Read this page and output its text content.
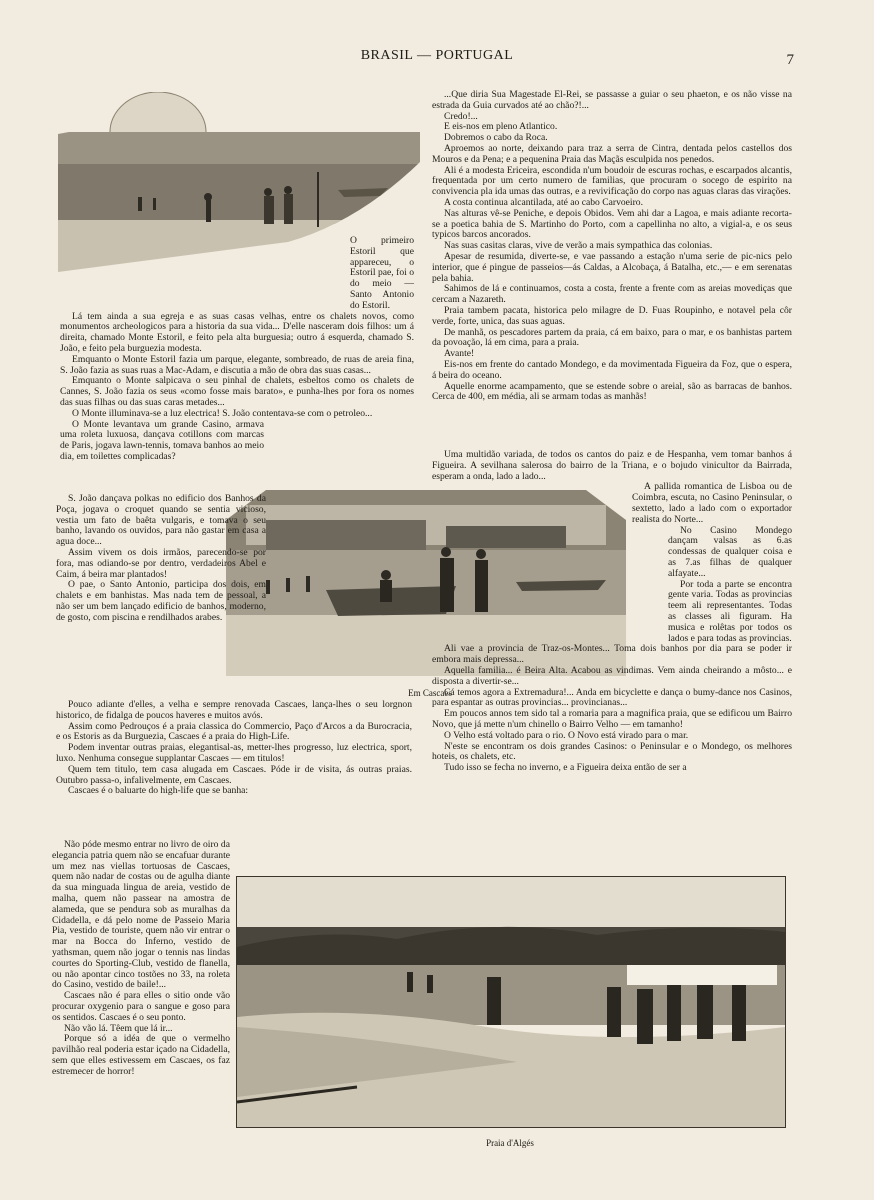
BRASIL — PORTUGAL	7

O primeiro Estoril que appareceu, o Estoril pae, foi o do meio — Santo Antonio do Estoril.

Lá tem ainda a sua egreja e as suas casas velhas, entre os chalets novos, como monumentos archeologicos para a historia da sua vida... D'elle nasceram dois filhos: um á direita, chamado Monte Estoril, e feito pela alta burguesia; outro á esquerda, chamado S. João, e feito pela burguezia modesta.

Emquanto o Monte Estoril fazia um parque, elegante, sombreado, de ruas de areia fina, S. João fazia as suas ruas a Mac-Adam, e discutia a mão de obra das suas casas...

Emquanto o Monte salpicava o seu pinhal de chalets, esbeltos como os chalets de Cannes, S. João fazia os seus «como fosse mais barato», e punha-lhes por fora os nomes das suas filhas ou das suas caras metades...

O Monte illuminava-se a luz electrica! S. João contentava-se com o petroleo...

O Monte levantava um grande Casino, armava uma roleta luxuosa, dançava cotillons com marcas de Paris, jogava lawn-tennis, tomava banhos ao meio dia, em toilettes complicadas?

Em Cascaes

S. João dançava polkas no edificio dos Banhos da Poça, jogava o croquet quando se sentia vicioso, vestia um fato de baêta vulgaris, e tomava o seu banho, lavando os ouvidos, para não gastar em casa a agua doce...

Assim vivem os dois irmãos, parecendo-se por fora, mas odiando-se por dentro, verdadeiros Abel e Caim, á beira mar plantados!

O pae, o Santo Antonio, participa dos dois, em chalets e em banhistas. Mas nada tem de pessoal, a não ser um bem lançado edificio de banhos, moderno, de gosto, com piscina e rendilhados arabes.

Pouco adiante d'elles, a velha e sempre renovada Cascaes, lança-lhes o seu lorgnon historico, de fidalga de poucos haveres e muitos avós.

Assim como Pedrouços é a praia classica do Commercio, Paço d'Arcos a da Burocracia, e os Estoris as da Burguezia, Cascaes é a praia do High-Life.

Podem inventar outras praias, elegantisal-as, metter-lhes progresso, luz electrica, sport, luxo. Nenhuma consegue supplantar Cascaes — em titulos!

Quem tem titulo, tem casa alugada em Cascaes. Póde ir de visita, ás outras praias. Outubro passa-o, infalivelmente, em Cascaes.

Cascaes é o baluarte do high-life que se banha:

Não póde mesmo entrar no livro de oiro da elegancia patria quem não se encafuar durante um mez nas viellas tortuosas de Cascaes, quem não nadar de costas ou de agulha diante da sua minguada lingua de areia, vestido de malha, quem não passear na amostra de alameda, que se pendura sob as muralhas da Cidadella, e dá pelo nome de Passeio Maria Pia, vestido de touriste, quem não vir entrar o mar na Bocca do Inferno, vestido de yathsman, quem não jogar o tennis nas lindas courtes do Sporting-Club, vestido de flanella, ou não apontar cinco tostões no 33, na roleta do Casino, vestido de baile!...

Cascaes não é para elles o sitio onde vão procurar oxygenio para o sangue e goso para os sentidos. Cascaes é o seu ponto.

Não vão lá. Têem que lá ir...

Porque só a idéa de que o vermelho pavilhão real poderia estar içado na Cidadella, sem que elles estivessem em Cascaes, os faz estremecer de horror!

...Que diria Sua Magestade El-Rei, se passasse a guiar o seu phaeton, e os não visse na estrada da Guia curvados até ao chão?!...

Credo!...

E eis-nos em pleno Atlantico.

Dobremos o cabo da Roca.

Aproemos ao norte, deixando para traz a serra de Cintra, dentada pelos castellos dos Mouros e da Pena; e a pequenina Praia das Maçãs esculpida nos penedos.

Ali é a modesta Ericeira, escondida n'um boudoir de escuras rochas, e escarpados alcantis, frequentada por um certo numero de familias, que procuram o socego de espirito na convivencia pla ida umas das outras, e a revivificação do corpo nas aguas claras das virações.

A costa continua alcantilada, até ao cabo Carvoeiro.

Nas alturas vê-se Peniche, e depois Obidos. Vem ahi dar a Lagoa, e mais adiante recorta-se a poetica bahia de S. Martinho do Porto, com a capellinha no alto, a vigial-a, e os seus typicos barcos ancorados.

Nas suas casitas claras, vive de verão a mais sympathica das colonias.

Apesar de resumida, diverte-se, e vae passando a estação n'uma serie de pic-nics pelo interior, que é pingue de passeios—ás Caldas, a Alcobaça, á Batalha, etc.,— e em serenatas pela bahia.

Sahimos de lá e continuamos, costa a costa, frente a frente com as areias movediças que cercam a Nazareth.

Praia tambem pacata, historica pelo milagre de D. Fuas Roupinho, e notavel pela côr verde, forte, unica, das suas aguas.

De manhã, os pescadores partem da praia, cá em baixo, para o mar, e os banhistas partem da povoação, lá em cima, para a praia.

Avante!

Eis-nos em frente do cantado Mondego, e da movimentada Figueira da Foz, que o espera, á beira do oceano.

Aquelle enorme acampamento, que se estende sobre o areial, são as barracas de banhos. Cerca de 400, em média, ali se armam todas as manhãs!

Uma multidão variada, de todos os cantos do paiz e de Hespanha, vem tomar banhos á Figueira. A sevilhana salerosa do bairro de la Triana, e o bojudo vinicultor da Bairrada, esperam a onda, lado a lado...

A pallida romantica de Lisboa ou de Coimbra, escuta, no Casino Peninsular, o sextetto, lado a lado com o exportador realista do Norte...

No Casino Mondego dançam valsas as 6.as condessas de qualquer coisa e as 7.as filhas de qualquer alfayate...

Por toda a parte se encontra gente varia. Todas as provincias teem ali representantes. Todas as classes ali figuram. Ha musica e rolêtas por todos os lados e para todas as provincias.

Ali vae a provincia de Traz-os-Montes... Toma dois banhos por dia para se poder ir embora mais depressa...

Aquella familia... é Beira Alta. Acabou as vindimas. Vem ainda cheirando a môsto... e disposta a divertir-se...

Cá temos agora a Extremadura!... Anda em bicyclette e dança o bumy-dance nos Casinos, para espantar as outras provincias... provincianas...

Em poucos annos tem sido tal a romaria para a magnifica praia, que se edificou um Bairro Novo, que já mette n'um chinello o Bairro Velho — em tamanho!

O Velho está voltado para o rio. O Novo está virado para o mar.

N'este se encontram os dois grandes Casinos: o Peninsular e o Mondego, os melhores hoteis, os chalets, etc.

Tudo isso se fecha no inverno, e a Figueira deixa então de ser a

Praia d'Algés
